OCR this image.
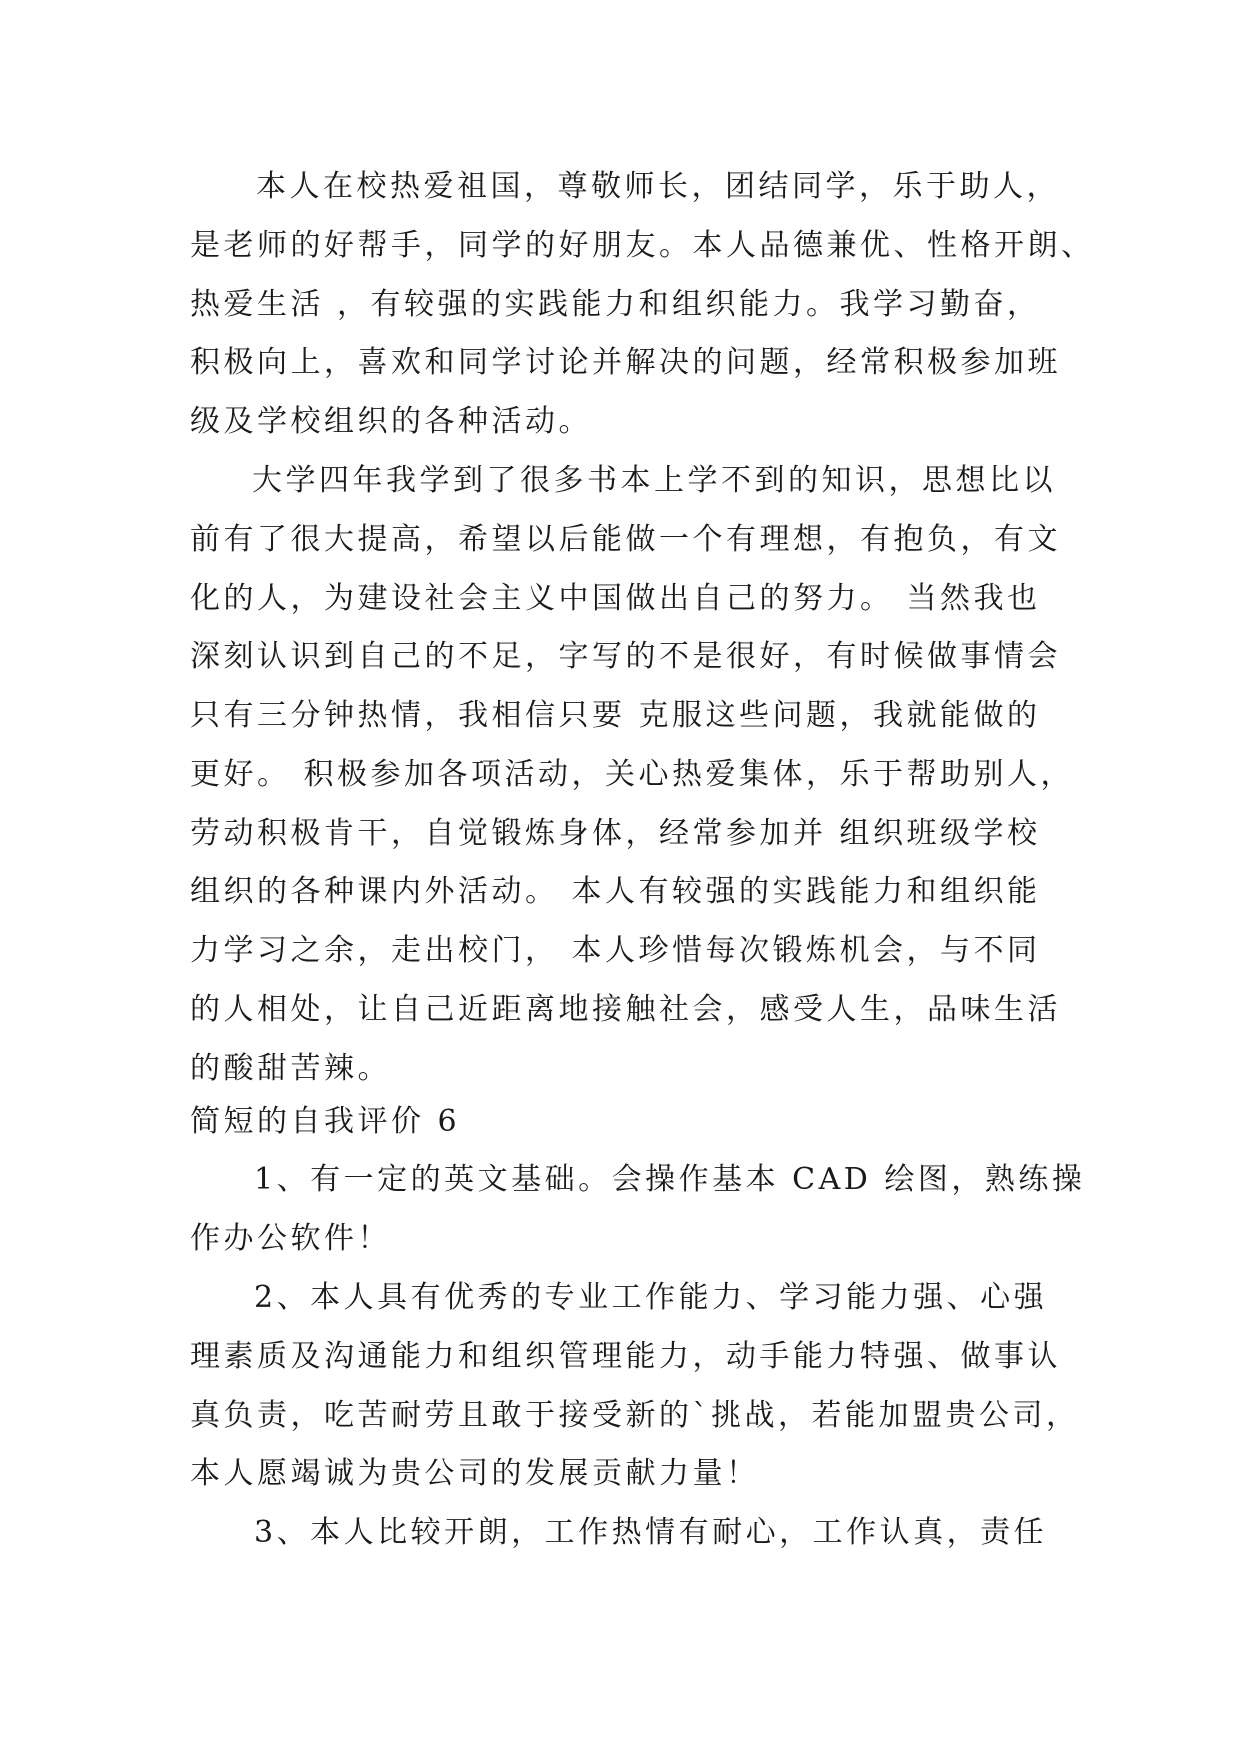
本人在校热爱祖国，尊敬师长，团结同学，乐于助人，

是老师的好帮手，同学的好朋友。本人品德兼优、性格开朗、

热爱生活 ，有较强的实践能力和组织能力。我学习勤奋，

积极向上，喜欢和同学讨论并解决的问题，经常积极参加班

级及学校组织的各种活动。

大学四年我学到了很多书本上学不到的知识，思想比以

前有了很大提高，希望以后能做一个有理想，有抱负，有文

化的人，为建设社会主义中国做出自己的努力。 当然我也

深刻认识到自己的不足，字写的不是很好，有时候做事情会

只有三分钟热情，我相信只要 克服这些问题，我就能做的

更好。 积极参加各项活动，关心热爱集体，乐于帮助别人，

劳动积极肯干，自觉锻炼身体，经常参加并 组织班级学校

组织的各种课内外活动。 本人有较强的实践能力和组织能

力学习之余，走出校门， 本人珍惜每次锻炼机会，与不同

的人相处，让自己近距离地接触社会，感受人生，品味生活

的酸甜苦辣。

简短的自我评价 6

1、有一定的英文基础。会操作基本 CAD 绘图，熟练操

作办公软件！

2、本人具有优秀的专业工作能力、学习能力强、心强

理素质及沟通能力和组织管理能力，动手能力特强、做事认

真负责，吃苦耐劳且敢于接受新的`挑战，若能加盟贵公司，

本人愿竭诚为贵公司的发展贡献力量！

3、本人比较开朗，工作热情有耐心，工作认真，责任
